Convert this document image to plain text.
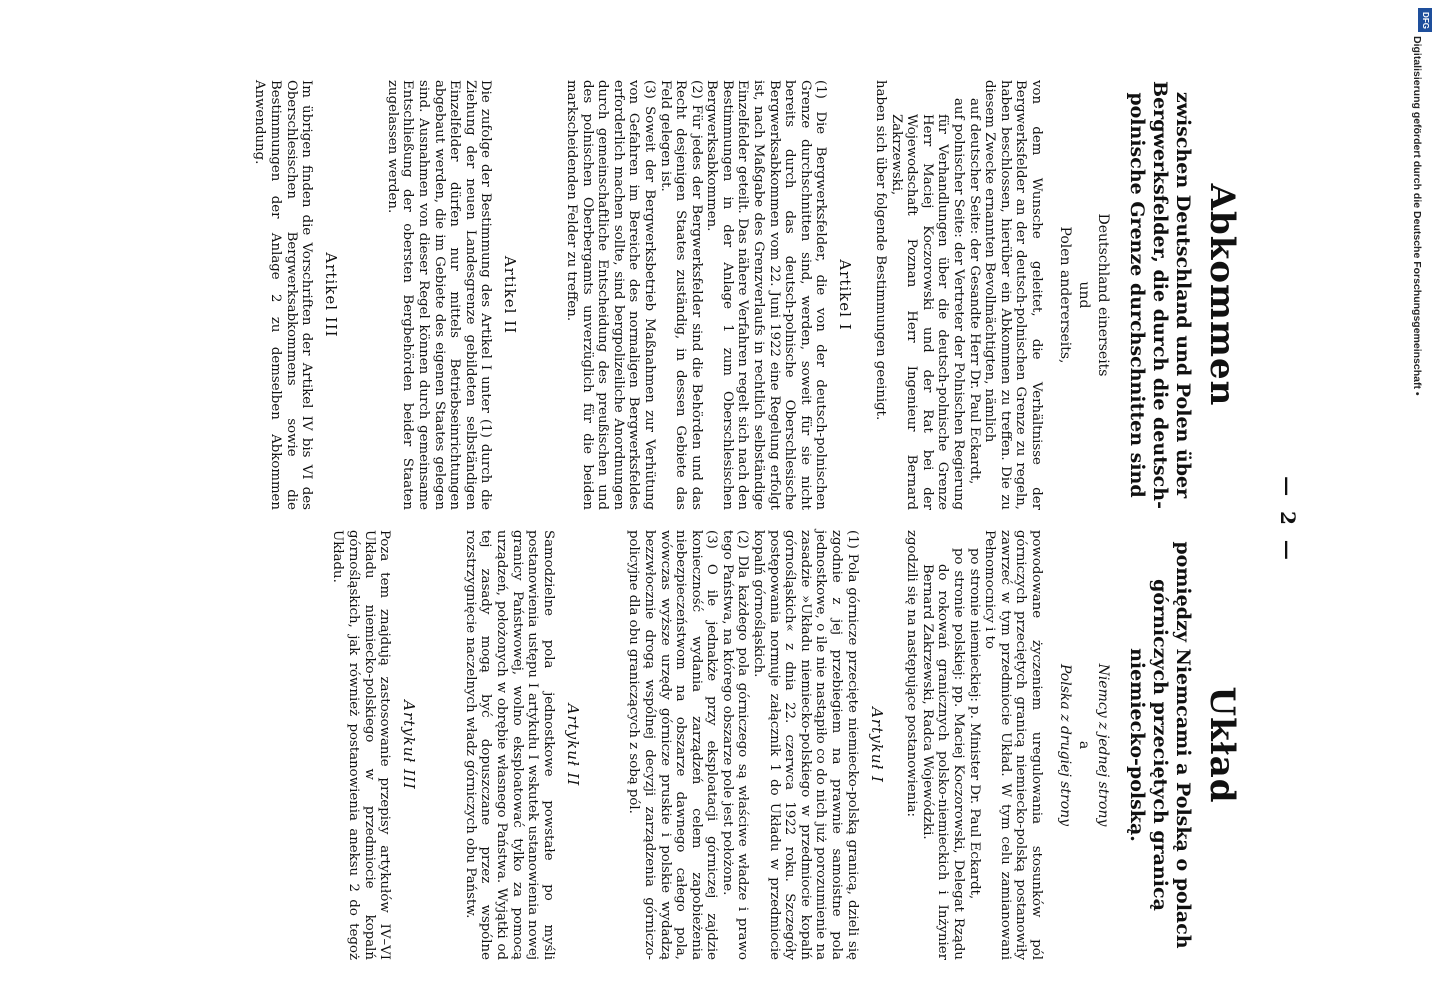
— 2 —
Abkommen
zwischen Deutschland und Polen über Bergwerksfelder, die durch die deutsch-polnische Grenze durchschnitten sind
Deutschland einerseits
und
Polen andererseits,

von dem Wunsche geleitet, die Verhältnisse der Bergwerksfelder an der deutsch-polnischen Grenze zu regeln, haben beschlossen, hierüber ein Abkommen zu treffen. Die zu diesem Zwecke ernannten Bevollmächtigten, nämlich

auf deutscher Seite: der Gesandte Herr Dr. Paul Eckardt,

auf polnischer Seite: der Vertreter der Polnischen Regierung für Verhandlungen über die deutsch-polnische Grenze Herr Maciej Koczorowski und der Rat bei der Wojewodschaft Poznan Herr Ingenieur Bernard Zakrzewski,

haben sich über folgende Bestimmungen geeinigt.

Artikel I

(1) Die Bergwerksfelder, die von der deutsch-polnischen Grenze durchschnitten sind, werden, soweit für sie nicht bereits durch das deutsch-polnische Oberschlesische Bergwerksabkommen vom 22. Juni 1922 eine Regelung erfolgt ist, nach Maßgabe des Grenzverlaufs in rechtlich selbständige Einzelfelder geteilt. Das nähere Verfahren regelt sich nach den Bestimmungen in der Anlage 1 zum Oberschlesischen Bergwerksabkommen.

(2) Für jedes der Bergwerksfelder sind die Behörden und das Recht desjenigen Staates zuständig, in dessen Gebiete das Feld gelegen ist.

(3) Soweit der Bergwerksbetrieb Maßnahmen zur Verhütung von Gefahren im Bereiche des normaligen Bergwerksfeldes erforderlich machen sollte, sind bergpolizeiliche Anordnungen durch gemeinschaftliche Entscheidung des preußischen und des polnischen Oberbergamts unverzüglich für die beiden markscheidenden Felder zu treffen.

Artikel II

Die zufolge der Bestimmung des Artikel I unter (1) durch die Ziehung der neuen Landesgrenze gebildeten selbständigen Einzelfelder dürfen nur mittels Betriebseinrichtungen abgebaut werden, die im Gebiete des eigenen Staates gelegen sind. Ausnahmen von dieser Regel können durch gemeinsame Entschließung der obersten Bergbehörden beider Staaten zugelassen werden.

Artikel III

Im übrigen finden die Vorschriften der Artikel IV bis VI des Oberschlesischen Bergwerksabkommens sowie die Bestimmungen der Anlage 2 zu demselben Abkommen Anwendung.

Układ
pomiędzy Niemcami a Polską o polach górniczych przeciętych granicą niemiecko-polską.
Niemcy z jednej strony
a
Polska z drugiej strony

powodowane życzeniem uregulowania stosunków pól górniczych przeciętych granicą niemiecko-polską postanowiły zawrzeć w tym przedmiocie Układ. W tym celu zamianowani Pełnomocnicy i to

po stronie niemieckiej: p. Minister Dr. Paul Eckardt,

po stronie polskiej: pp. Maciej Koczorowski, Delegat Rządu do rokowań granicznych polsko-niemieckich i Inżynier Bernard Zakrzewski, Radca Wojewódzki.

zgodzili się na następujące postanowienia:

Artykuł I

(1) Pola górnicze przecięte niemiecko-polską granicą, dzieli się zgodnie z jej przebiegiem na prawnie samoistne pola jednostkowe, o ile nie nastąpiło co do nich już porozumienie na zasadzie »Układu niemiecko-polskiego w przedmiocie kopalń górnośląskich« z dnia 22. czerwca 1922 roku. Szczegóły postępowania normuje załącznik 1 do Układu w przedmiocie kopalń górnośląskich.

(2) Dla każdego pola górniczego są właściwe władze i prawo tego Państwa, na którego obszarze pole jest położone.

(3) O ile jednakże przy eksploatacji górniczej zajdzie konieczność wydania zarządzeń celem zapobieżenia niebezpieczeństwom na obszarze dawnego całego pola, wówczas wyższe urzędy górnicze pruskie i polskie wydadzą bezzwłocznie drogą wspólnej decyzji zarządzenia górniczo-policyjne dla obu graniczących z sobą pól.

Artykuł II

Samodzielne pola jednostkowe powstałe po myśli postanowienia ustępu I artykułu I wskutek ustanowienia nowej granicy Państwowej, wolno eksploatować tylko za pomocą urządzeń, położonych w obrębie własnego Państwa. Wyjątki od tej zasady mogą być dopuszczane przez wspólne rozstrzygnięcie naczelnych władz górniczych obu Państw.

Artykuł III

Poza tem znajdują zastosowanie przepisy artykułów IV–VI Układu niemiecko-polskiego w przedmiocie kopalń górnośląskich, jak również postanowienia aneksu 2 do tegoż Układu.

DFG
Digitalisierung gefördert durch die Deutsche Forschungsgemeinschaft •
